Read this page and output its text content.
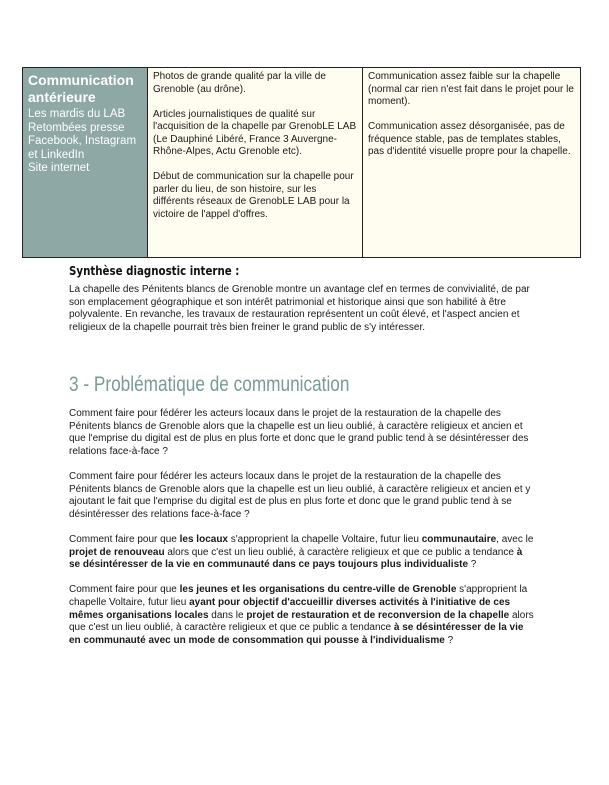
Communication antérieure
Les mardis du LAB
Retombées presse
Facebook, Instagram et LinkedIn
Site internet

Photos de grande qualité par la ville de Grenoble (au drône).

Articles journalistiques de qualité sur l'acquisition de la chapelle par GrenobLE LAB (Le Dauphiné Libéré, France 3 Auvergne-Rhône-Alpes, Actu Grenoble etc).

Début de communication sur la chapelle pour parler du lieu, de son histoire, sur les différents réseaux de GrenobLE LAB pour la victoire de l'appel d'offres.

Communication assez faible sur la chapelle (normal car rien n'est fait dans le projet pour le moment).

Communication assez désorganisée, pas de fréquence stable, pas de templates stables, pas d'identité visuelle propre pour la chapelle.

Synthèse diagnostic interne :

La chapelle des Pénitents blancs de Grenoble montre un avantage clef en termes de convivialité, de par son emplacement géographique et son intérêt patrimonial et historique ainsi que son habilité à être polyvalente. En revanche, les travaux de restauration représentent un coût élevé, et l'aspect ancien et religieux de la chapelle pourrait très bien freiner le grand public de s'y intéresser.

3 - Problématique de communication

Comment faire pour fédérer les acteurs locaux dans le projet de la restauration de la chapelle des Pénitents blancs de Grenoble alors que la chapelle est un lieu oublié, à caractère religieux et ancien et que l'emprise du digital est de plus en plus forte et donc que le grand public tend à se désintéresser des relations face-à-face ?

Comment faire pour fédérer les acteurs locaux dans le projet de la restauration de la chapelle des Pénitents blancs de Grenoble alors que la chapelle est un lieu oublié, à caractère religieux et ancien et y ajoutant le fait que l'emprise du digital est de plus en plus forte et donc que le grand public tend à se désintéresser des relations face-à-face ?

Comment faire pour que les locaux s'approprient la chapelle Voltaire, futur lieu communautaire, avec le projet de renouveau alors que c'est un lieu oublié, à caractère religieux et que ce public a tendance à se désintéresser de la vie en communauté dans ce pays toujours plus individualiste ?

Comment faire pour que les jeunes et les organisations du centre-ville de Grenoble s'approprient la chapelle Voltaire, futur lieu ayant pour objectif d'accueillir diverses activités à l'initiative de ces mêmes organisations locales dans le projet de restauration et de reconversion de la chapelle alors que c'est un lieu oublié, à caractère religieux et que ce public a tendance à se désintéresser de la vie en communauté avec un mode de consommation qui pousse à l'individualisme ?
